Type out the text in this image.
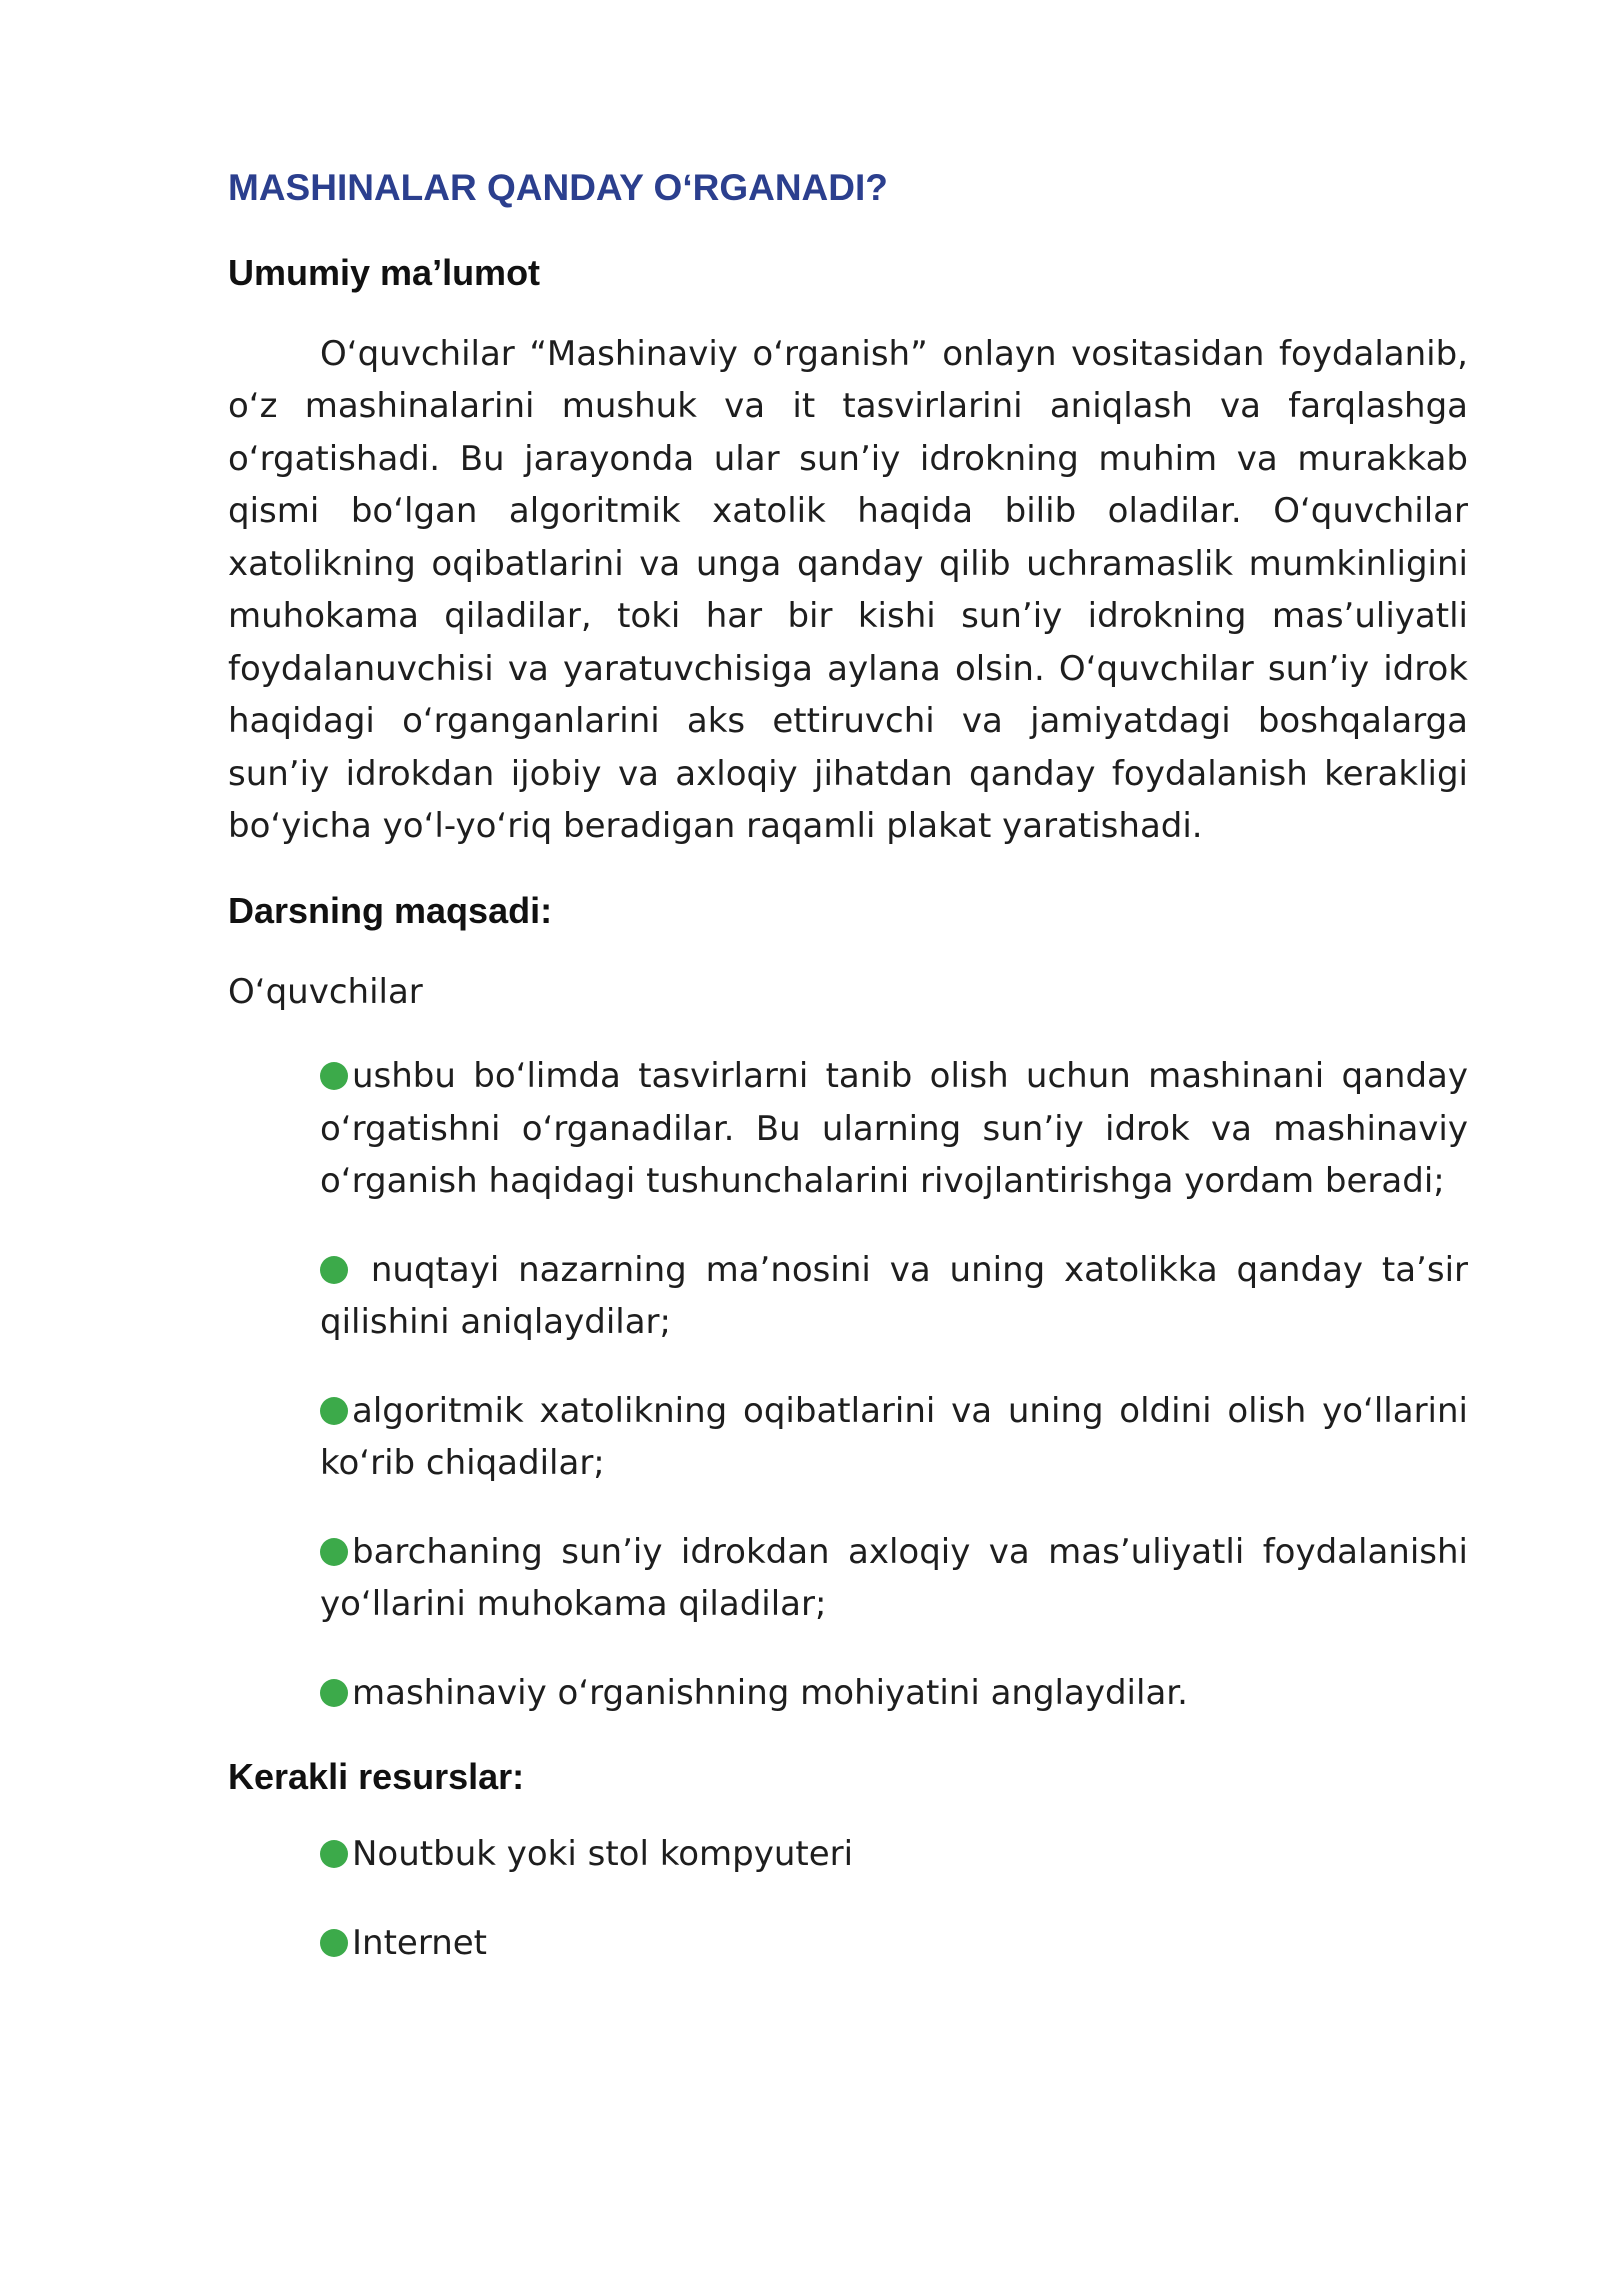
MASHINALAR QANDAY O‘RGANADI?
Umumiy ma’lumot

O‘quvchilar “Mashinaviy o‘rganish” onlayn vositasidan foydalanib, o‘z mashinalarini mushuk va it tasvirlarini aniqlash va farqlashga o‘rgatishadi. Bu jarayonda ular sun’iy idrokning muhim va murakkab qismi bo‘lgan algoritmik xatolik haqida bilib oladilar. O‘quvchilar xatolikning oqibatlarini va unga qanday qilib uchramaslik mumkinligini muhokama qiladilar, toki har bir kishi sun’iy idrokning mas’uliyatli foydalanuvchisi va yaratuvchisiga aylana olsin. O‘quvchilar sun’iy idrok haqidagi o‘rganganlarini aks ettiruvchi va jamiyatdagi boshqalarga sun’iy idrokdan ijobiy va axloqiy jihatdan qanday foydalanish kerakligi bo‘yicha yo‘l-yo‘riq beradigan raqamli plakat yaratishadi.

Darsning maqsadi:

O‘quvchilar

ushbu bo‘limda tasvirlarni tanib olish uchun mashinani qanday o‘rgatishni o‘rganadilar. Bu ularning sun’iy idrok va mashinaviy o‘rganish haqidagi tushunchalarini rivojlantirishga yordam beradi;
nuqtayi nazarning ma’nosini va uning xatolikka qanday ta’sir qilishini aniqlaydilar;
algoritmik xatolikning oqibatlarini va uning oldini olish yo‘llarini ko‘rib chiqadilar;
barchaning sun’iy idrokdan axloqiy va mas’uliyatli foydalanishi yo‘llarini muhokama qiladilar;
mashinaviy o‘rganishning mohiyatini anglaydilar.
Kerakli resurslar:
Noutbuk yoki stol kompyuteri
Internet
